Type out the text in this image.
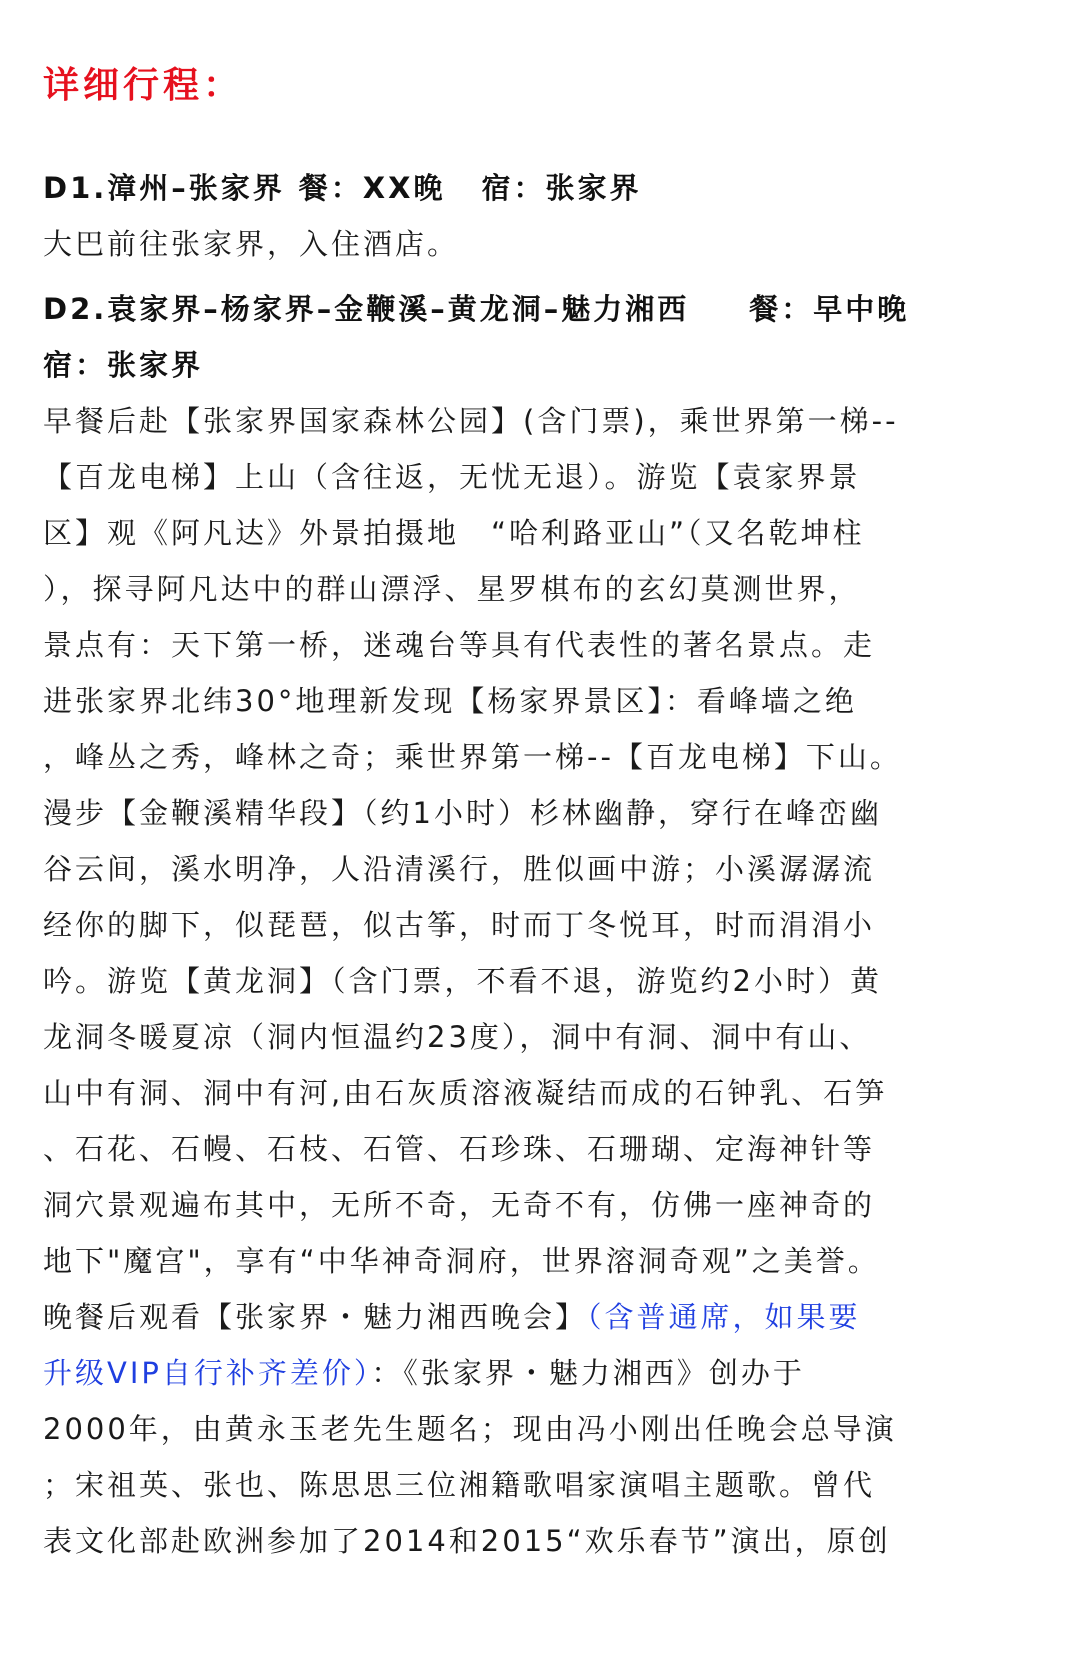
详细行程：

D1.漳州–张家界 餐：XX晚 宿：张家界

大巴前往张家界，入住酒店。

D2.袁家界–杨家界–金鞭溪–黄龙洞–魅力湘西 餐：早中晚

宿：张家界

早餐后赴【张家界国家森林公园】(含门票)，乘世界第一梯--
【百龙电梯】上山（含往返，无忧无退）。游览【袁家界景
区】观《阿凡达》外景拍摄地　“哈利路亚山”（又名乾坤柱
），探寻阿凡达中的群山漂浮、星罗棋布的玄幻莫测世界，
景点有：天下第一桥，迷魂台等具有代表性的著名景点。走
进张家界北纬30°地理新发现【杨家界景区】：看峰墙之绝
，峰丛之秀，峰林之奇；乘世界第一梯--【百龙电梯】下山。
漫步【金鞭溪精华段】（约1小时）杉林幽静，穿行在峰峦幽
谷云间，溪水明净，人沿清溪行，胜似画中游；小溪潺潺流
经你的脚下，似琵琶，似古筝，时而丁冬悦耳，时而涓涓小
吟。游览【黄龙洞】（含门票，不看不退，游览约2小时）黄
龙洞冬暖夏凉（洞内恒温约23度），洞中有洞、洞中有山、
山中有洞、洞中有河,由石灰质溶液凝结而成的石钟乳、石笋
、石花、石幔、石枝、石管、石珍珠、石珊瑚、定海神针等
洞穴景观遍布其中，无所不奇，无奇不有，仿佛一座神奇的
地下"魔宫"，享有“中华神奇洞府，世界溶洞奇观”之美誉。
晚餐后观看【张家界・魅力湘西晚会】（含普通席，如果要
升级VIP自行补齐差价）：《张家界・魅力湘西》创办于
2000年，由黄永玉老先生题名；现由冯小刚出任晚会总导演
；宋祖英、张也、陈思思三位湘籍歌唱家演唱主题歌。曾代
表文化部赴欧洲参加了2014和2015“欢乐春节”演出，原创
